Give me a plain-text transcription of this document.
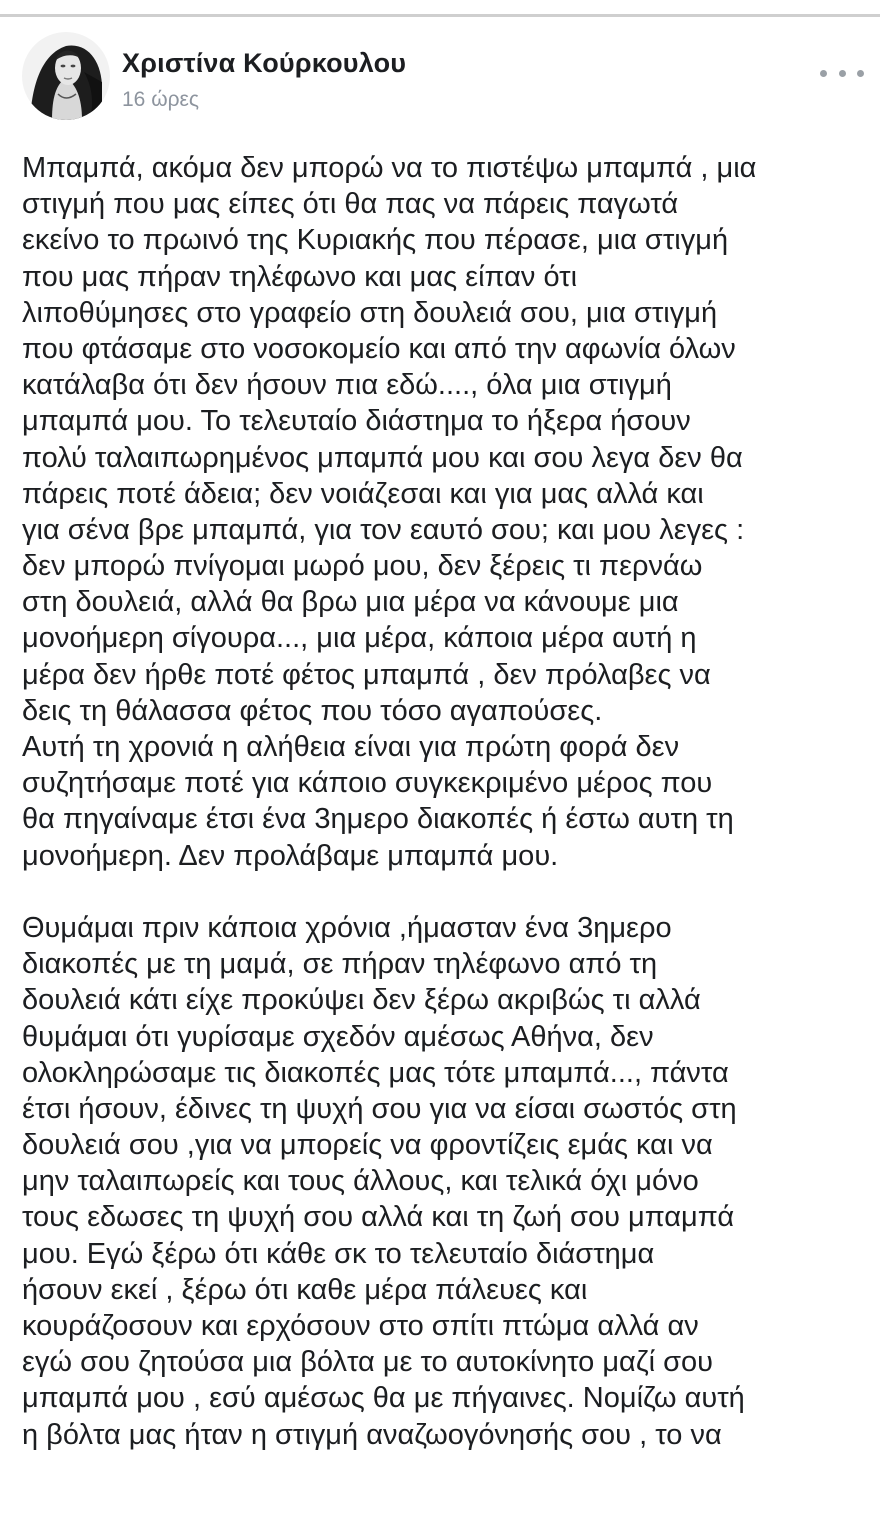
Χριστίνα Κούρκουλου
16 ώρες
Μπαμπά, ακόμα δεν μπορώ να το πιστέψω μπαμπά , μια
στιγμή που μας είπες ότι θα πας να πάρεις παγωτά
εκείνο το πρωινό της Κυριακής που πέρασε, μια στιγμή
που μας πήραν τηλέφωνο και μας είπαν ότι
λιποθύμησες στο γραφείο στη δουλειά σου, μια στιγμή
που φτάσαμε στο νοσοκομείο και από την αφωνία όλων
κατάλαβα ότι δεν ήσουν πια εδώ...., όλα μια στιγμή
μπαμπά μου. Το τελευταίο διάστημα το ήξερα ήσουν
πολύ ταλαιπωρημένος μπαμπά μου και σου λεγα δεν θα
πάρεις ποτέ άδεια; δεν νοιάζεσαι και για μας αλλά και
για σένα βρε μπαμπά, για τον εαυτό σου; και μου λεγες :
δεν μπορώ πνίγομαι μωρό μου, δεν ξέρεις τι περνάω
στη δουλειά, αλλά θα βρω μια μέρα να κάνουμε μια
μονοήμερη σίγουρα..., μια μέρα, κάποια μέρα αυτή η
μέρα δεν ήρθε ποτέ φέτος μπαμπά , δεν πρόλαβες να
δεις τη θάλασσα φέτος που τόσο αγαπούσες.
Αυτή τη χρονιά η αλήθεια είναι για πρώτη φορά δεν
συζητήσαμε ποτέ για κάποιο συγκεκριμένο μέρος που
θα πηγαίναμε έτσι ένα 3ημερο διακοπές ή έστω αυτη τη
μονοήμερη. Δεν προλάβαμε μπαμπά μου.
Θυμάμαι πριν κάποια χρόνια ,ήμασταν ένα 3ημερο
διακοπές με τη μαμά, σε πήραν τηλέφωνο από τη
δουλειά κάτι είχε προκύψει δεν ξέρω ακριβώς τι αλλά
θυμάμαι ότι γυρίσαμε σχεδόν αμέσως Αθήνα, δεν
ολοκληρώσαμε τις διακοπές μας τότε μπαμπά..., πάντα
έτσι ήσουν, έδινες τη ψυχή σου για να είσαι σωστός στη
δουλειά σου ,για να μπορείς να φροντίζεις εμάς και να
μην ταλαιπωρείς και τους άλλους, και τελικά όχι μόνο
τους εδωσες τη ψυχή σου αλλά και τη ζωή σου μπαμπά
μου. Εγώ ξέρω ότι κάθε σκ το τελευταίο διάστημα
ήσουν εκεί , ξέρω ότι καθε μέρα πάλευες και
κουράζοσουν και ερχόσουν στο σπίτι πτώμα αλλά αν
εγώ σου ζητούσα μια βόλτα με το αυτοκίνητο μαζί σου
μπαμπά μου , εσύ αμέσως θα με πήγαινες. Νομίζω αυτή
η βόλτα μας ήταν η στιγμή αναζωογόνησής σου , το να
